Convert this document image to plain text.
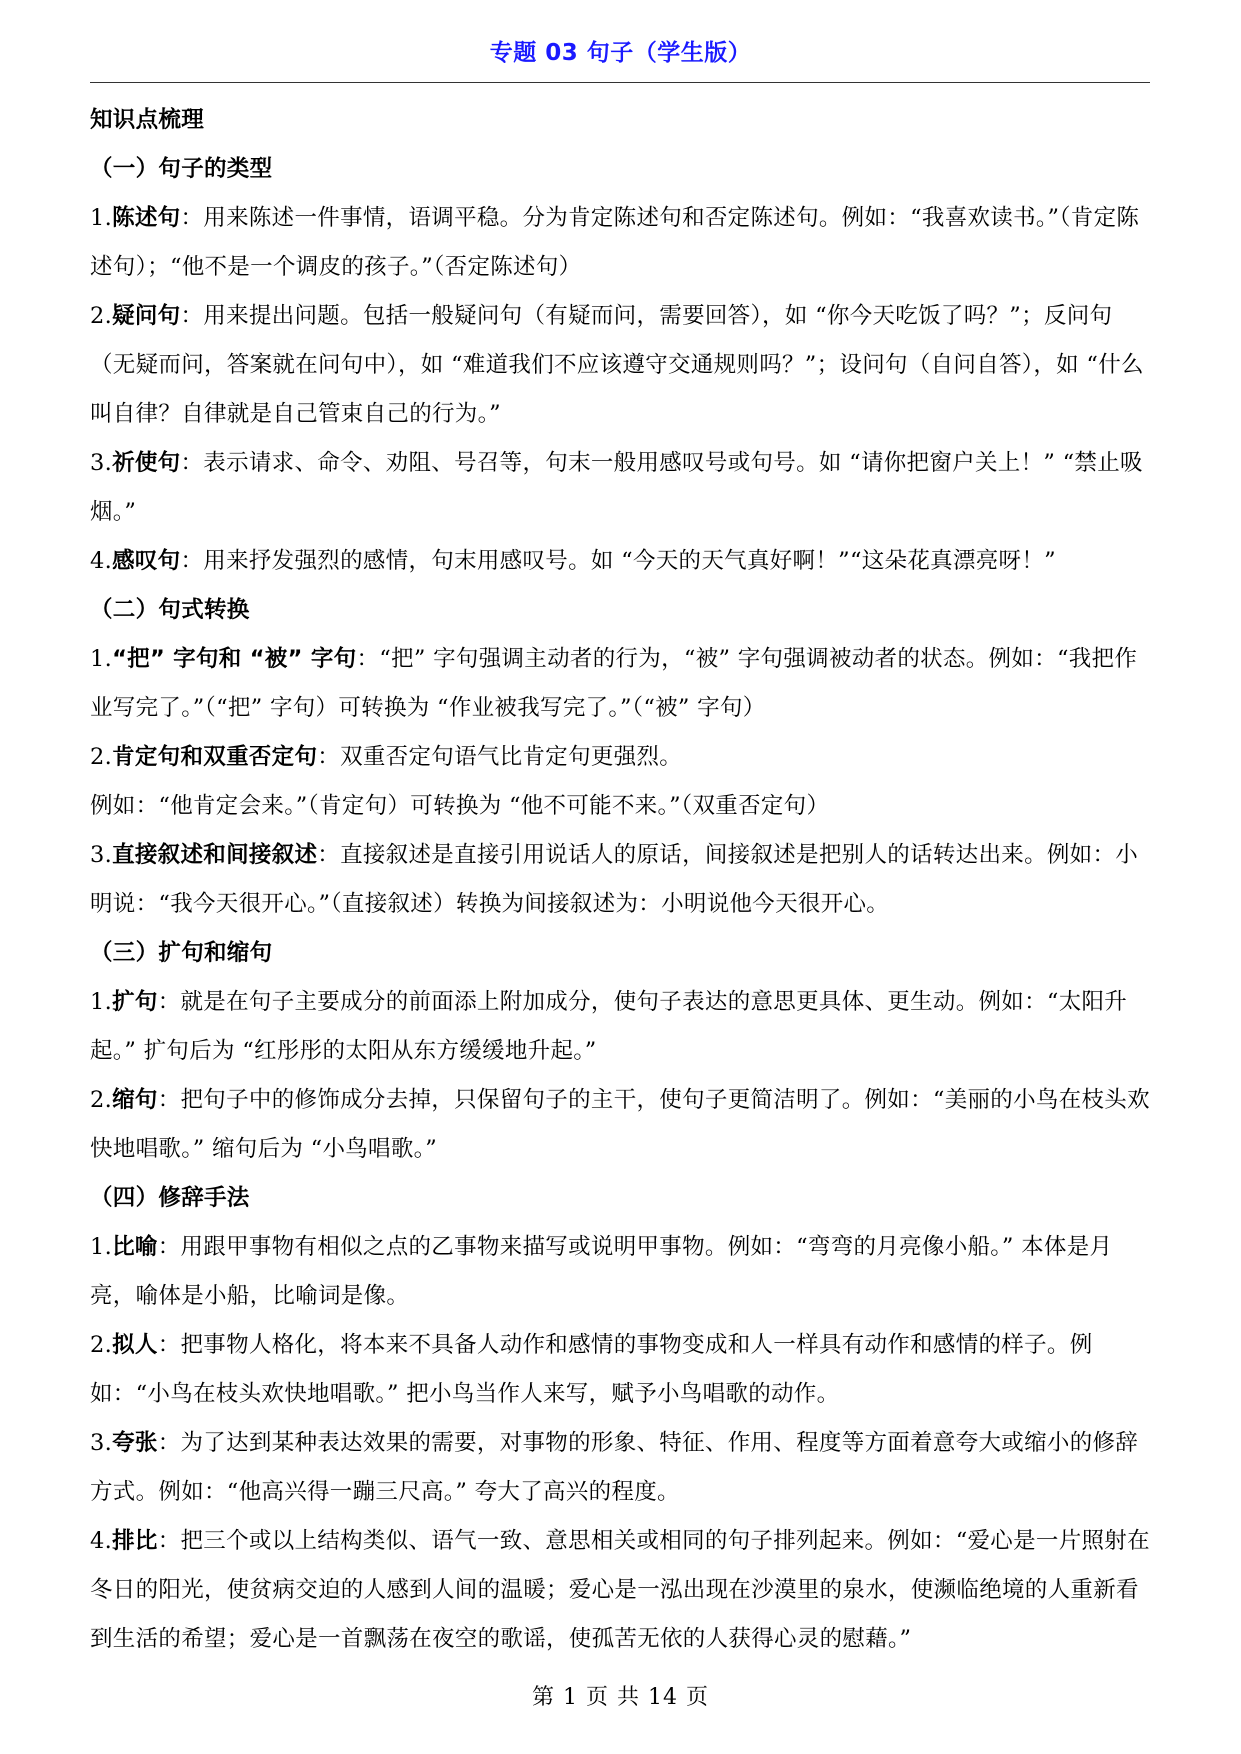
专题 03 句子（学生版）

知识点梳理

（一）句子的类型

1.陈述句：用来陈述一件事情，语调平稳。分为肯定陈述句和否定陈述句。例如：“我喜欢读书。”（肯定陈述句）；“他不是一个调皮的孩子。”（否定陈述句）

2.疑问句：用来提出问题。包括一般疑问句（有疑而问，需要回答），如 “你今天吃饭了吗？”；反问句（无疑而问，答案就在问句中），如 “难道我们不应该遵守交通规则吗？”；设问句（自问自答），如 “什么叫自律？自律就是自己管束自己的行为。”

3.祈使句：表示请求、命令、劝阻、号召等，句末一般用感叹号或句号。如 “请你把窗户关上！” “禁止吸烟。”

4.感叹句：用来抒发强烈的感情，句末用感叹号。如 “今天的天气真好啊！”“这朵花真漂亮呀！”

（二）句式转换

1.“把” 字句和 “被” 字句：“把” 字句强调主动者的行为，“被” 字句强调被动者的状态。例如：“我把作业写完了。”（“把” 字句）可转换为 “作业被我写完了。”（“被” 字句）

2.肯定句和双重否定句：双重否定句语气比肯定句更强烈。

例如：“他肯定会来。”（肯定句）可转换为 “他不可能不来。”（双重否定句）

3.直接叙述和间接叙述：直接叙述是直接引用说话人的原话，间接叙述是把别人的话转达出来。例如：小明说：“我今天很开心。”（直接叙述）转换为间接叙述为：小明说他今天很开心。

（三）扩句和缩句

1.扩句：就是在句子主要成分的前面添上附加成分，使句子表达的意思更具体、更生动。例如：“太阳升起。” 扩句后为 “红彤彤的太阳从东方缓缓地升起。”

2.缩句：把句子中的修饰成分去掉，只保留句子的主干，使句子更简洁明了。例如：“美丽的小鸟在枝头欢快地唱歌。” 缩句后为 “小鸟唱歌。”

（四）修辞手法

1.比喻：用跟甲事物有相似之点的乙事物来描写或说明甲事物。例如：“弯弯的月亮像小船。” 本体是月亮，喻体是小船，比喻词是像。

2.拟人：把事物人格化，将本来不具备人动作和感情的事物变成和人一样具有动作和感情的样子。例如：“小鸟在枝头欢快地唱歌。” 把小鸟当作人来写，赋予小鸟唱歌的动作。

3.夸张：为了达到某种表达效果的需要，对事物的形象、特征、作用、程度等方面着意夸大或缩小的修辞方式。例如：“他高兴得一蹦三尺高。” 夸大了高兴的程度。

4.排比：把三个或以上结构类似、语气一致、意思相关或相同的句子排列起来。例如：“爱心是一片照射在冬日的阳光，使贫病交迫的人感到人间的温暖；爱心是一泓出现在沙漠里的泉水，使濒临绝境的人重新看到生活的希望；爱心是一首飘荡在夜空的歌谣，使孤苦无依的人获得心灵的慰藉。”

第 1 页 共 14 页
